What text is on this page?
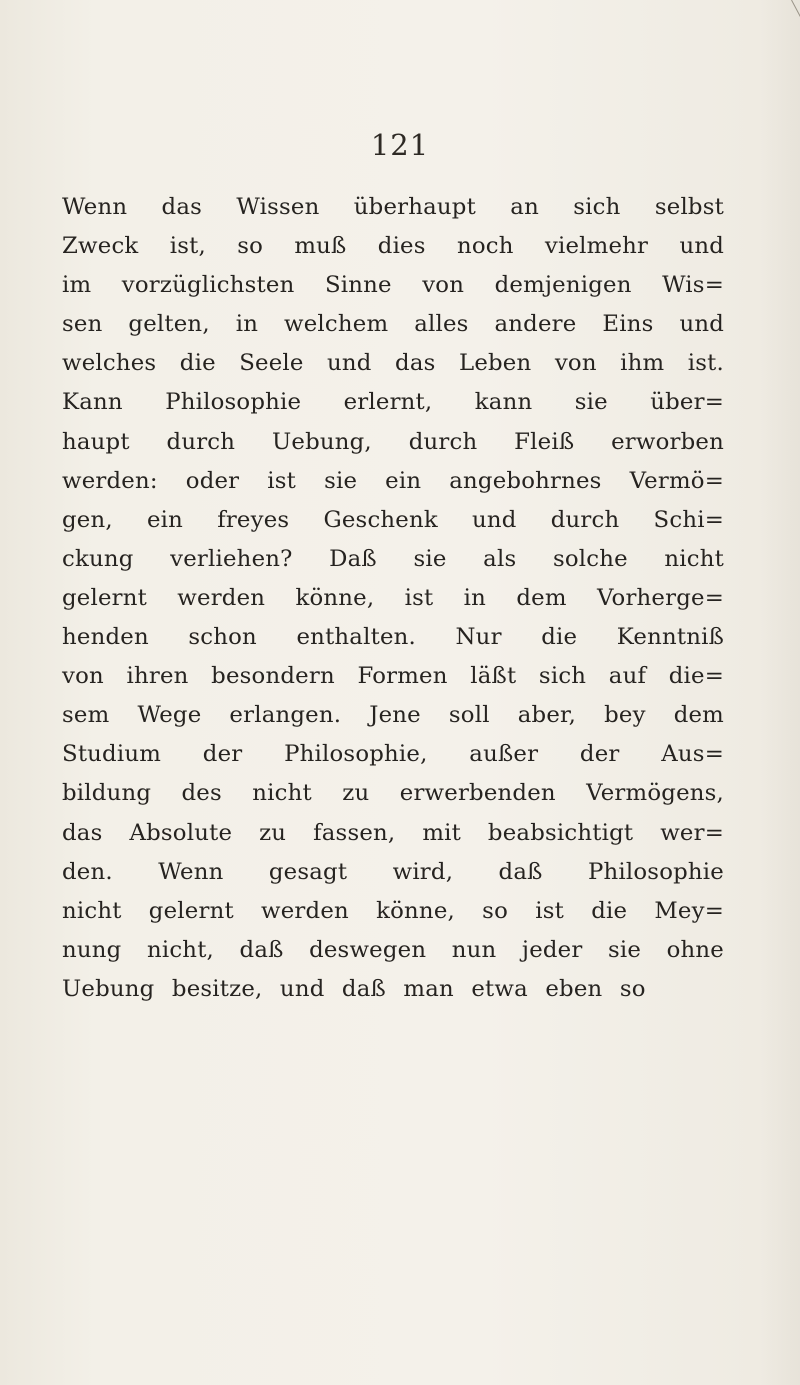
121
Wenn das Wissen überhaupt an sich selbst
Zweck ist, so muß dies noch vielmehr und
im vorzüglichsten Sinne von demjenigen Wis=
sen gelten, in welchem alles andere Eins und
welches die Seele und das Leben von ihm ist.
Kann Philosophie erlernt, kann sie über=
haupt durch Uebung, durch Fleiß erworben
werden: oder ist sie ein angebohrnes Vermö=
gen, ein freyes Geschenk und durch Schi=
ckung verliehen? Daß sie als solche nicht
gelernt werden könne, ist in dem Vorherge=
henden schon enthalten. Nur die Kenntniß
von ihren besondern Formen läßt sich auf die=
sem Wege erlangen. Jene soll aber, bey dem
Studium der Philosophie, außer der Aus=
bildung des nicht zu erwerbenden Vermögens,
das Absolute zu fassen, mit beabsichtigt wer=
den. Wenn gesagt wird, daß Philosophie
nicht gelernt werden könne, so ist die Mey=
nung nicht, daß deswegen nun jeder sie ohne
Uebung besitze, und daß man etwa eben so
